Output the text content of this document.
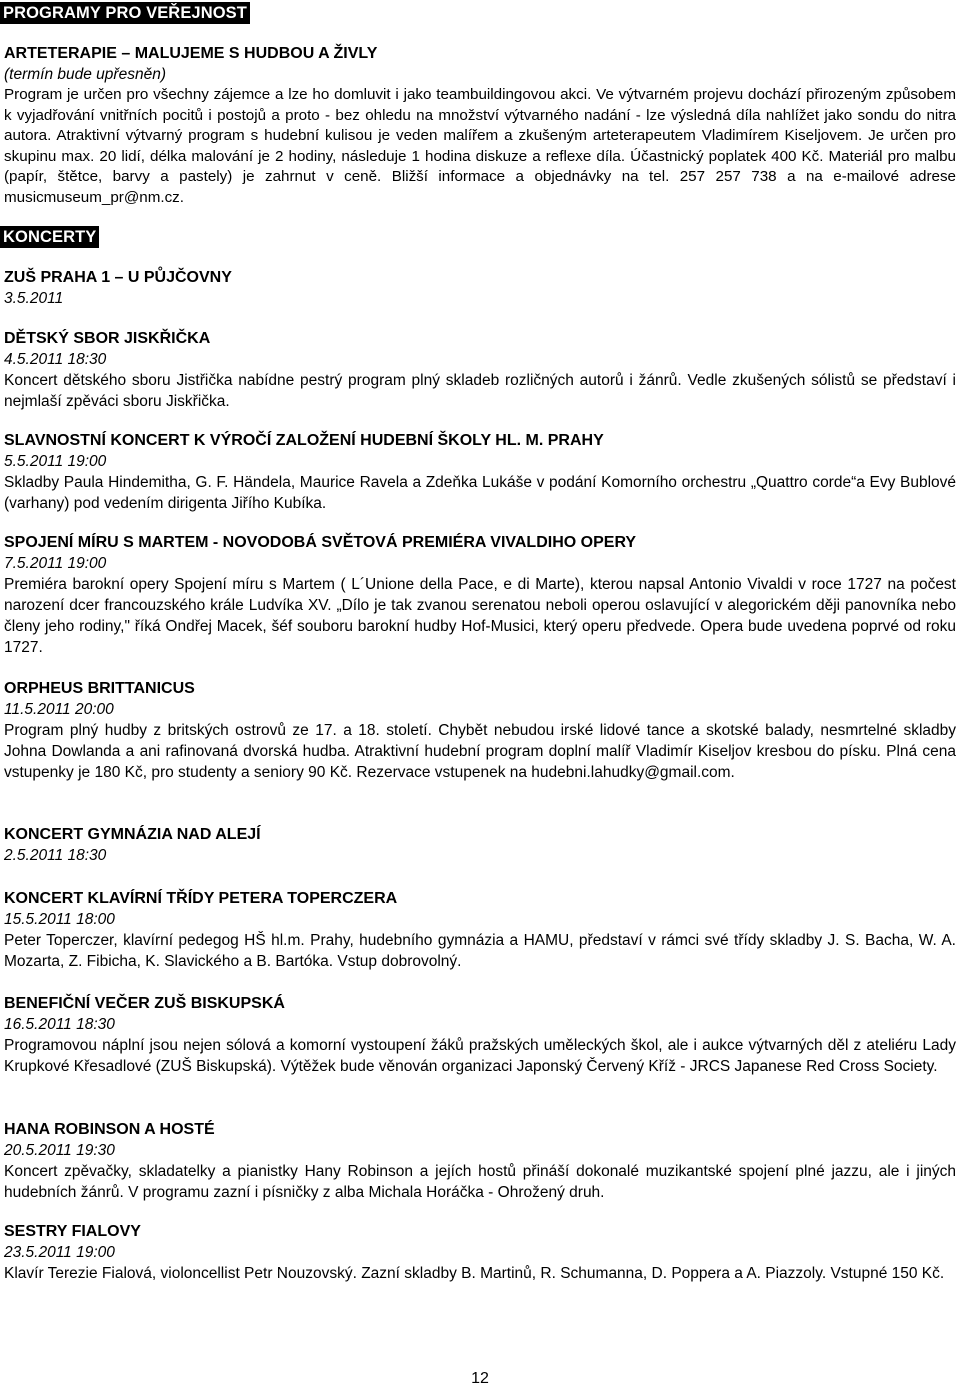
PROGRAMY PRO VEŘEJNOST
ARTETERAPIE – MALUJEME S HUDBOU A ŽIVLY
(termín bude upřesněn)
Program je určen pro všechny zájemce a lze ho domluvit i jako teambuildingovou akci. Ve výtvarném projevu dochází přirozeným způsobem k vyjadřování vnitřních pocitů i postojů a proto - bez ohledu na množství výtvarného nadání - lze výsledná díla nahlížet jako sondu do nitra autora. Atraktivní výtvarný program s hudební kulisou je veden malířem a zkušeným arteterapeutem Vladimírem Kiseljovem. Je určen pro skupinu max. 20 lidí, délka malování je 2 hodiny, následuje 1 hodina diskuze a reflexe díla. Účastnický poplatek 400 Kč. Materiál pro malbu (papír, štětce, barvy a pastely) je zahrnut v ceně. Bližší informace a objednávky na tel. 257 257 738 a na e-mailové adrese musicmuseum_pr@nm.cz.
KONCERTY
ZUŠ PRAHA 1 – U PŮJČOVNY
3.5.2011
DĚTSKÝ SBOR JISKŘIČKA
4.5.2011 18:30
Koncert dětského sboru Jistřička nabídne pestrý program plný skladeb rozličných autorů i žánrů. Vedle zkušených sólistů se představí i nejmlaší zpěváci sboru Jiskřička.
SLAVNOSTNÍ KONCERT K VÝROČÍ ZALOŽENÍ HUDEBNÍ ŠKOLY HL. M. PRAHY
5.5.2011 19:00
Skladby Paula Hindemitha, G. F. Händela, Maurice Ravela a Zdeňka Lukáše v podání Komorního orchestru „Quattro corde“a Evy Bublové (varhany) pod vedením dirigenta Jiřího Kubíka.
SPOJENÍ MÍRU S MARTEM - NOVODOBÁ SVĚTOVÁ PREMIÉRA VIVALDIHO OPERY
7.5.2011 19:00
Premiéra barokní opery Spojení míru s Martem ( L´Unione della Pace, e di Marte), kterou napsal Antonio Vivaldi v roce 1727 na počest narození dcer francouzského krále Ludvíka XV. „Dílo je tak zvanou serenatou neboli operou oslavující v alegorickém ději panovníka nebo členy jeho rodiny," říká Ondřej Macek, šéf souboru barokní hudby Hof-Musici, který operu předvede. Opera bude uvedena poprvé od roku 1727.
ORPHEUS BRITTANICUS
11.5.2011 20:00
Program plný hudby z britských ostrovů ze 17. a 18. století. Chybět nebudou irské lidové tance a skotské balady, nesmrtelné skladby Johna Dowlanda a ani rafinovaná dvorská hudba. Atraktivní hudební program doplní malíř Vladimír Kiseljov kresbou do písku. Plná cena vstupenky je 180 Kč, pro studenty a seniory 90 Kč. Rezervace vstupenek na hudebni.lahudky@gmail.com.
KONCERT GYMNÁZIA NAD ALEJÍ
2.5.2011 18:30
KONCERT KLAVÍRNÍ TŘÍDY PETERA TOPERCZERA
15.5.2011 18:00
Peter Toperczer, klavírní pedegog HŠ hl.m. Prahy, hudebního gymnázia a HAMU, představí v rámci své třídy skladby J. S. Bacha, W. A. Mozarta, Z. Fibicha, K. Slavického a B. Bartóka. Vstup dobrovolný.
BENEFIČNÍ VEČER ZUŠ BISKUPSKÁ
16.5.2011 18:30
Programovou náplní jsou nejen sólová a komorní vystoupení žáků pražských uměleckých škol, ale i aukce výtvarných děl z ateliéru Lady Krupkové Křesadlové (ZUŠ Biskupská). Výtěžek bude věnován organizaci Japonský Červený Kříž - JRCS Japanese Red Cross Society.
HANA ROBINSON A HOSTÉ
20.5.2011 19:30
Koncert zpěvačky, skladatelky a pianistky Hany Robinson a jejích hostů přináší dokonalé muzikantské spojení plné jazzu, ale i jiných hudebních žánrů. V programu zazní i písničky z alba Michala Horáčka - Ohrožený druh.
SESTRY FIALOVY
23.5.2011 19:00
Klavír Terezie Fialová, violoncellist Petr Nouzovský. Zazní skladby B. Martinů, R. Schumanna, D. Poppera a A. Piazzoly. Vstupné 150 Kč.
12
